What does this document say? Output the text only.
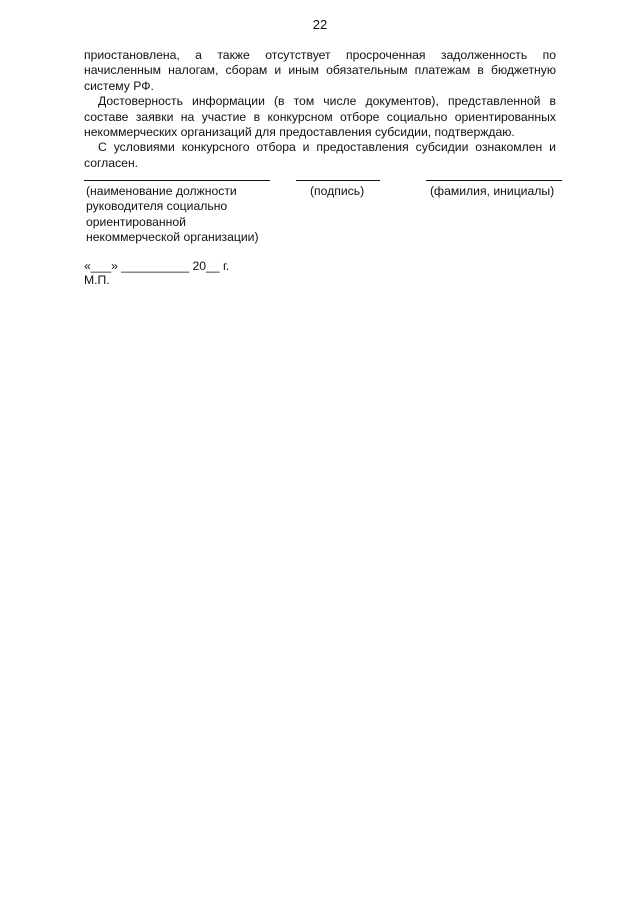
22

приостановлена, а также отсутствует просроченная задолженность по начисленным налогам, сборам и иным обязательным платежам в бюджетную систему РФ.

Достоверность информации (в том числе документов), представленной в составе заявки на участие в конкурсном отборе социально ориентированных некоммерческих организаций для предоставления субсидии, подтверждаю.

С условиями конкурсного отбора и предоставления субсидии ознакомлен и согласен.

(наименование должности
руководителя социально
ориентированной
некоммерческой организации)
(подпись)	(фамилия, инициалы)
«___» __________ 20__ г.
М.П.
